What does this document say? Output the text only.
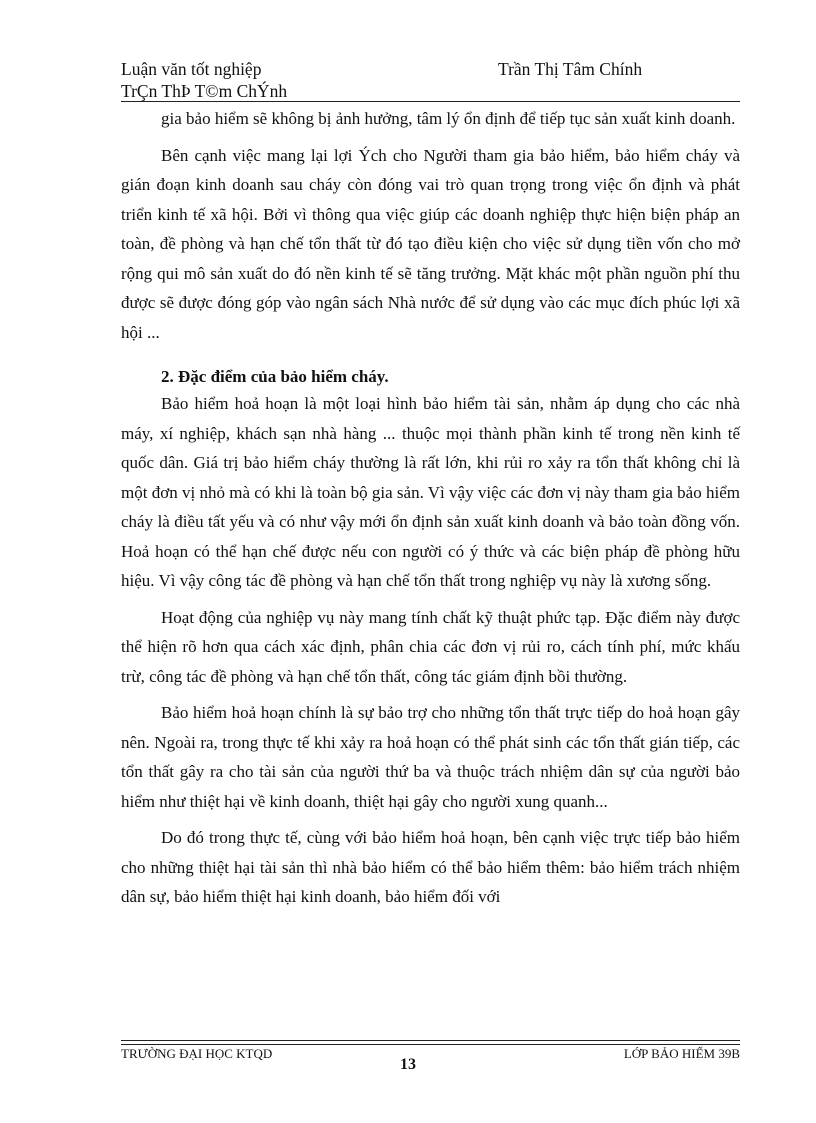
Luận văn tốt nghiệp
TrÇn ThÞ T©m ChÝnh
Trần Thị Tâm Chính

gia bảo hiểm sẽ không bị ảnh hưởng, tâm lý ổn định để tiếp tục sản xuất kinh doanh.

Bên cạnh việc mang lại lợi Ých cho Người tham gia bảo hiểm, bảo hiểm cháy và gián đoạn kinh doanh sau cháy còn đóng vai trò quan trọng trong việc ổn định và phát triển kinh tế xã hội. Bởi vì thông qua việc giúp các doanh nghiệp thực hiện biện pháp an toàn, đề phòng và hạn chế tổn thất từ đó tạo điều kiện cho việc sử dụng tiền vốn cho mở rộng qui mô sản xuất do đó nền kinh tế sẽ tăng trưởng. Mặt khác một phần nguồn phí thu được sẽ được đóng góp vào ngân sách Nhà nước để sử dụng vào các mục đích phúc lợi xã hội ...

2. Đặc điểm của bảo hiểm cháy.

Bảo hiểm hoả hoạn là một loại hình bảo hiểm tài sản, nhằm áp dụng cho các nhà máy, xí nghiệp, khách sạn nhà hàng ... thuộc mọi thành phần kinh tế trong nền kinh tế quốc dân. Giá trị bảo hiểm cháy thường là rất lớn, khi rủi ro xảy ra tổn thất không chỉ là một đơn vị nhỏ mà có khi là toàn bộ gia sản. Vì vậy việc các đơn vị này tham gia bảo hiểm cháy là điều tất yếu và có như vậy mới ổn định sản xuất kinh doanh và bảo toàn đồng vốn. Hoả hoạn có thể hạn chế được nếu con người có ý thức và các biện pháp đề phòng hữu hiệu. Vì vậy công tác đề phòng và hạn chế tổn thất trong nghiệp vụ này là xương sống.

Hoạt động của nghiệp vụ này mang tính chất kỹ thuật phức tạp. Đặc điểm này được thể hiện rõ hơn qua cách xác định, phân chia các đơn vị rủi ro, cách tính phí, mức khấu trừ, công tác đề phòng và hạn chế tổn thất, công tác giám định bồi thường.

Bảo hiểm hoả hoạn chính là sự bảo trợ cho những tổn thất trực tiếp do hoả hoạn gây nên. Ngoài ra, trong thực tế khi xảy ra hoả hoạn có thể phát sinh các tổn thất gián tiếp, các tổn thất gây ra cho tài sản của người thứ ba và thuộc trách nhiệm dân sự của người bảo hiểm như thiệt hại về kinh doanh, thiệt hại gây cho người xung quanh...

Do đó trong thực tế, cùng với bảo hiểm hoả hoạn, bên cạnh việc trực tiếp bảo hiểm cho những thiệt hại tài sản thì nhà bảo hiểm có thể bảo hiểm thêm: bảo hiểm trách nhiệm dân sự, bảo hiểm thiệt hại kinh doanh, bảo hiểm đối với

TRƯỜNG ĐẠI HỌC KTQD	LỚP BẢO HIỂM 39B
13
